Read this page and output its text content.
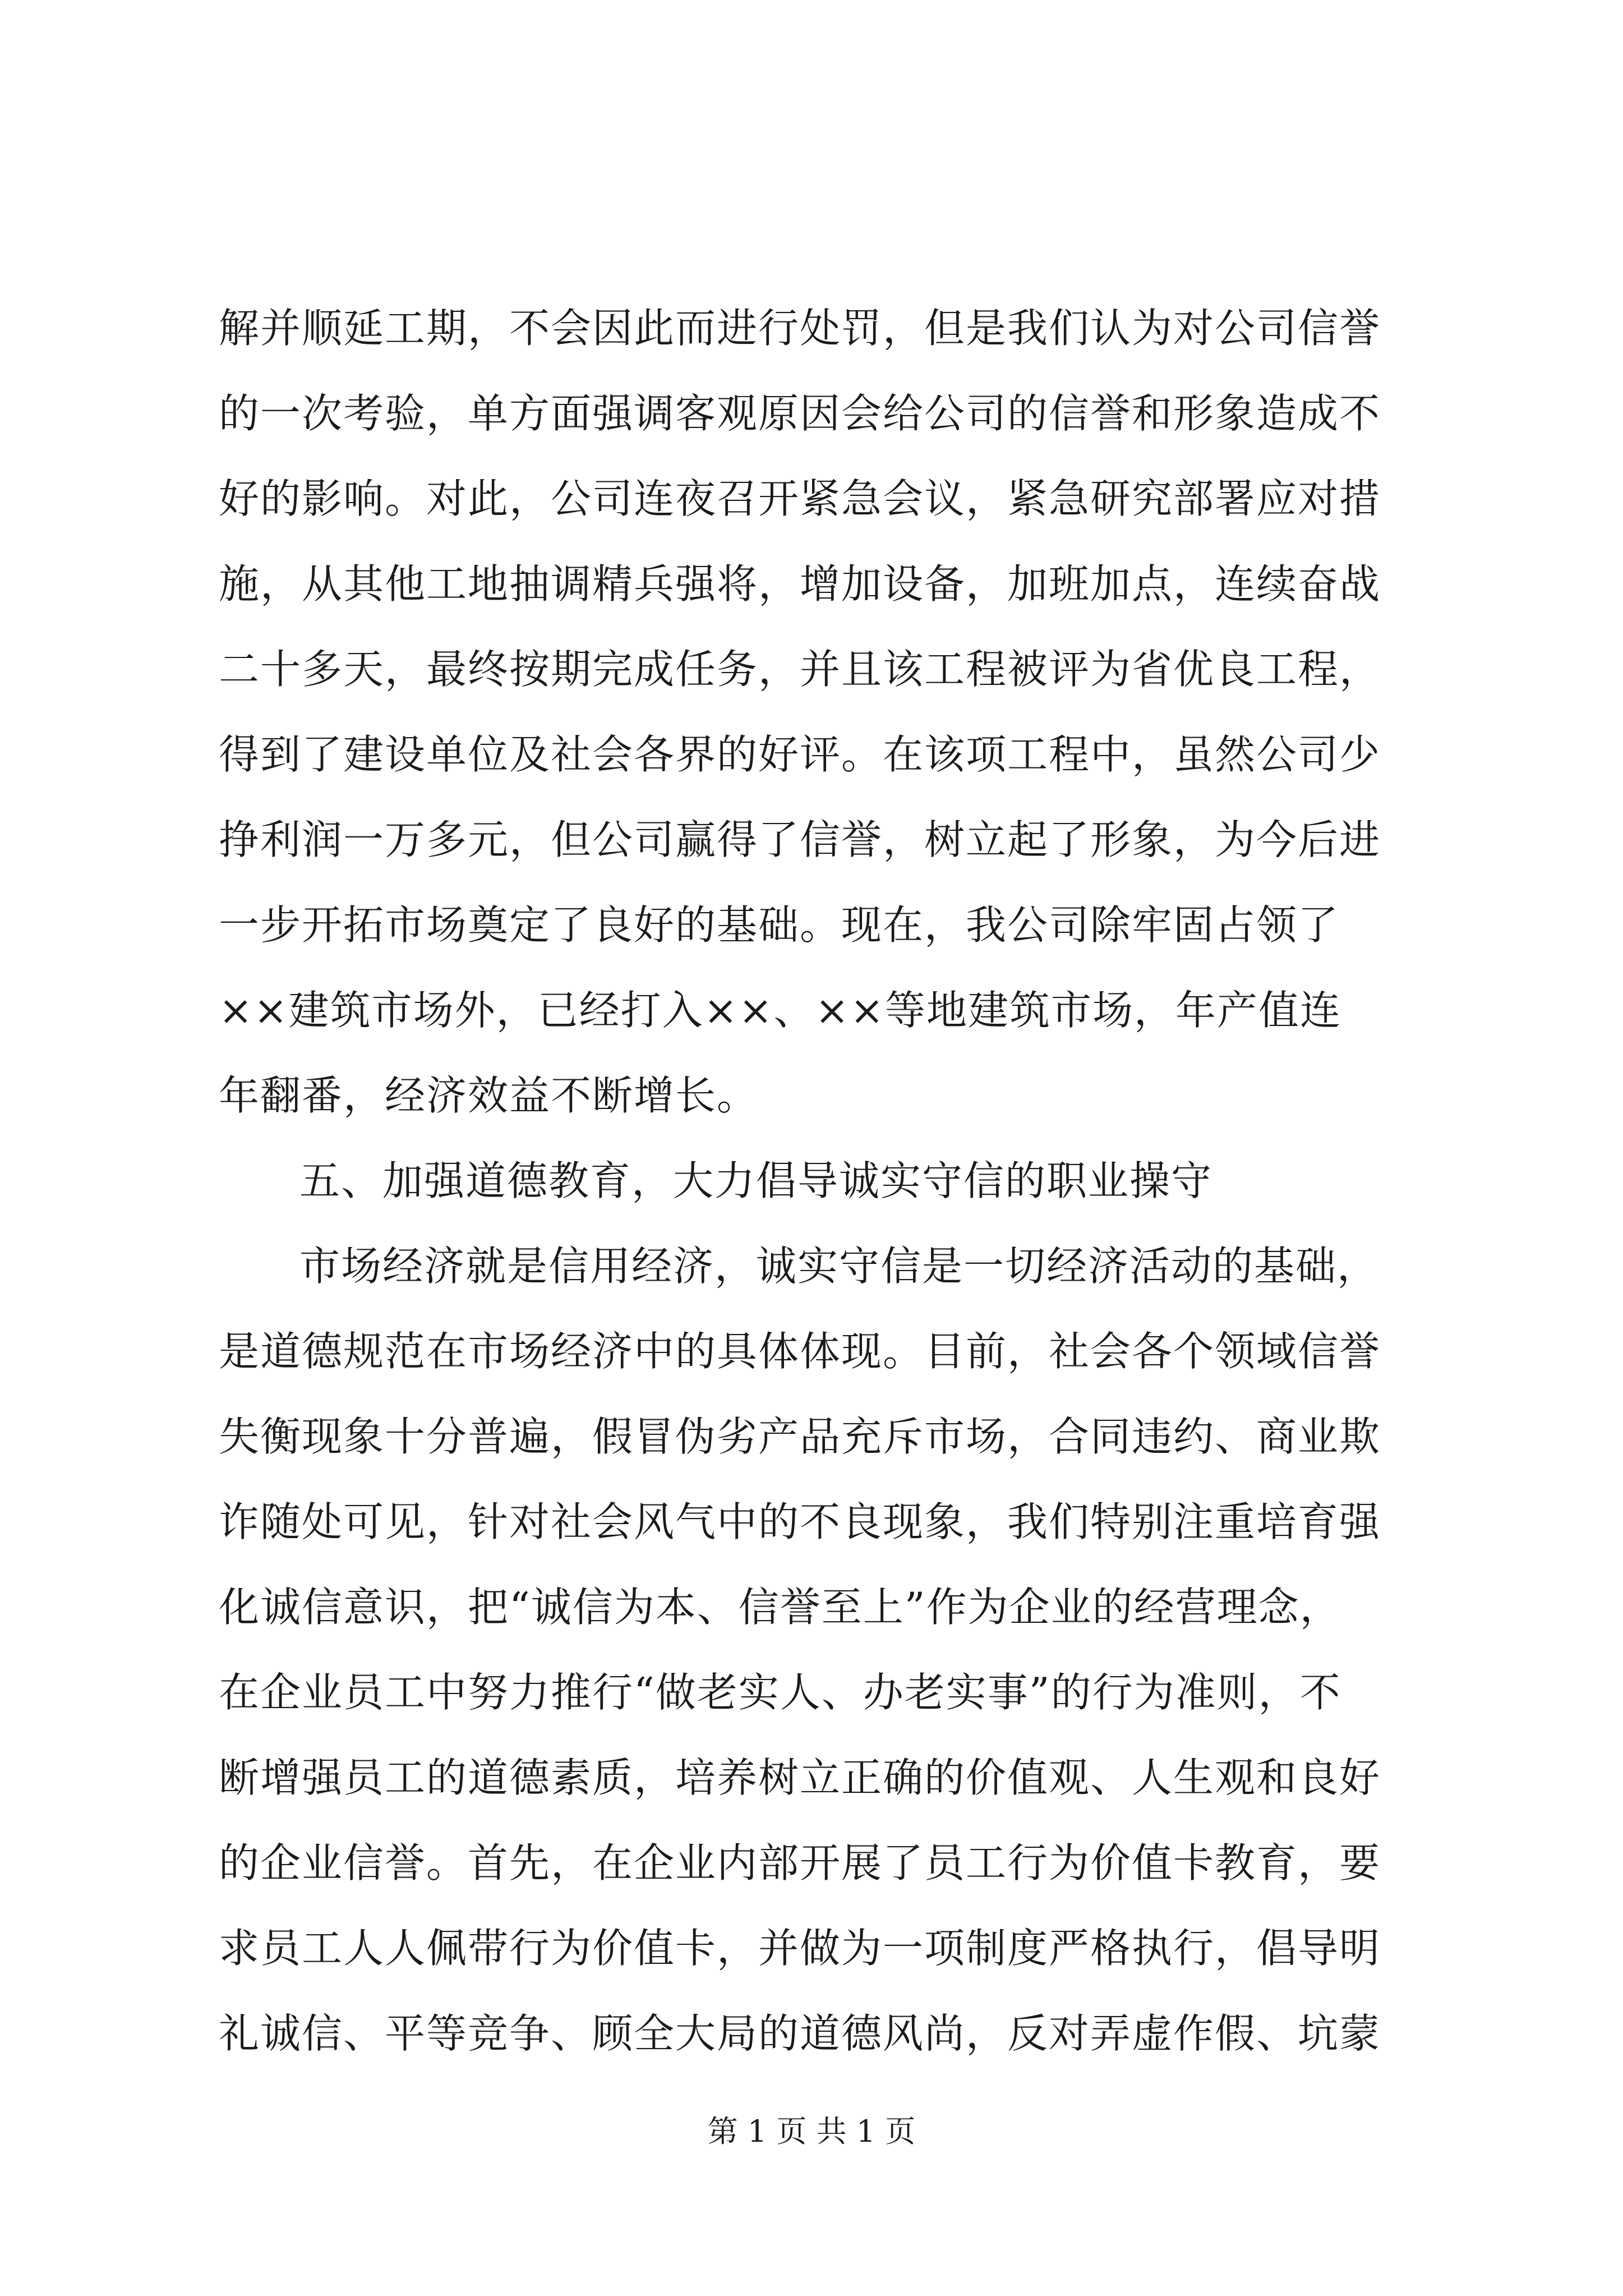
解并顺延工期，不会因此而进行处罚，但是我们认为对公司信誉
的一次考验，单方面强调客观原因会给公司的信誉和形象造成不
好的影响。对此，公司连夜召开紧急会议，紧急研究部署应对措
施，从其他工地抽调精兵强将，增加设备，加班加点，连续奋战
二十多天，最终按期完成任务，并且该工程被评为省优良工程，
得到了建设单位及社会各界的好评。在该项工程中，虽然公司少
挣利润一万多元，但公司赢得了信誉，树立起了形象，为今后进
一步开拓市场奠定了良好的基础。现在，我公司除牢固占领了
××建筑市场外，已经打入××、××等地建筑市场，年产值连
年翻番，经济效益不断增长。
五、加强道德教育，大力倡导诚实守信的职业操守
市场经济就是信用经济，诚实守信是一切经济活动的基础，
是道德规范在市场经济中的具体体现。目前，社会各个领域信誉
失衡现象十分普遍，假冒伪劣产品充斥市场，合同违约、商业欺
诈随处可见，针对社会风气中的不良现象，我们特别注重培育强
化诚信意识，把“诚信为本、信誉至上”作为企业的经营理念，
在企业员工中努力推行“做老实人、办老实事”的行为准则，不
断增强员工的道德素质，培养树立正确的价值观、人生观和良好
的企业信誉。首先，在企业内部开展了员工行为价值卡教育，要
求员工人人佩带行为价值卡，并做为一项制度严格执行，倡导明
礼诚信、平等竞争、顾全大局的道德风尚，反对弄虚作假、坑蒙
第 1 页 共 1 页
